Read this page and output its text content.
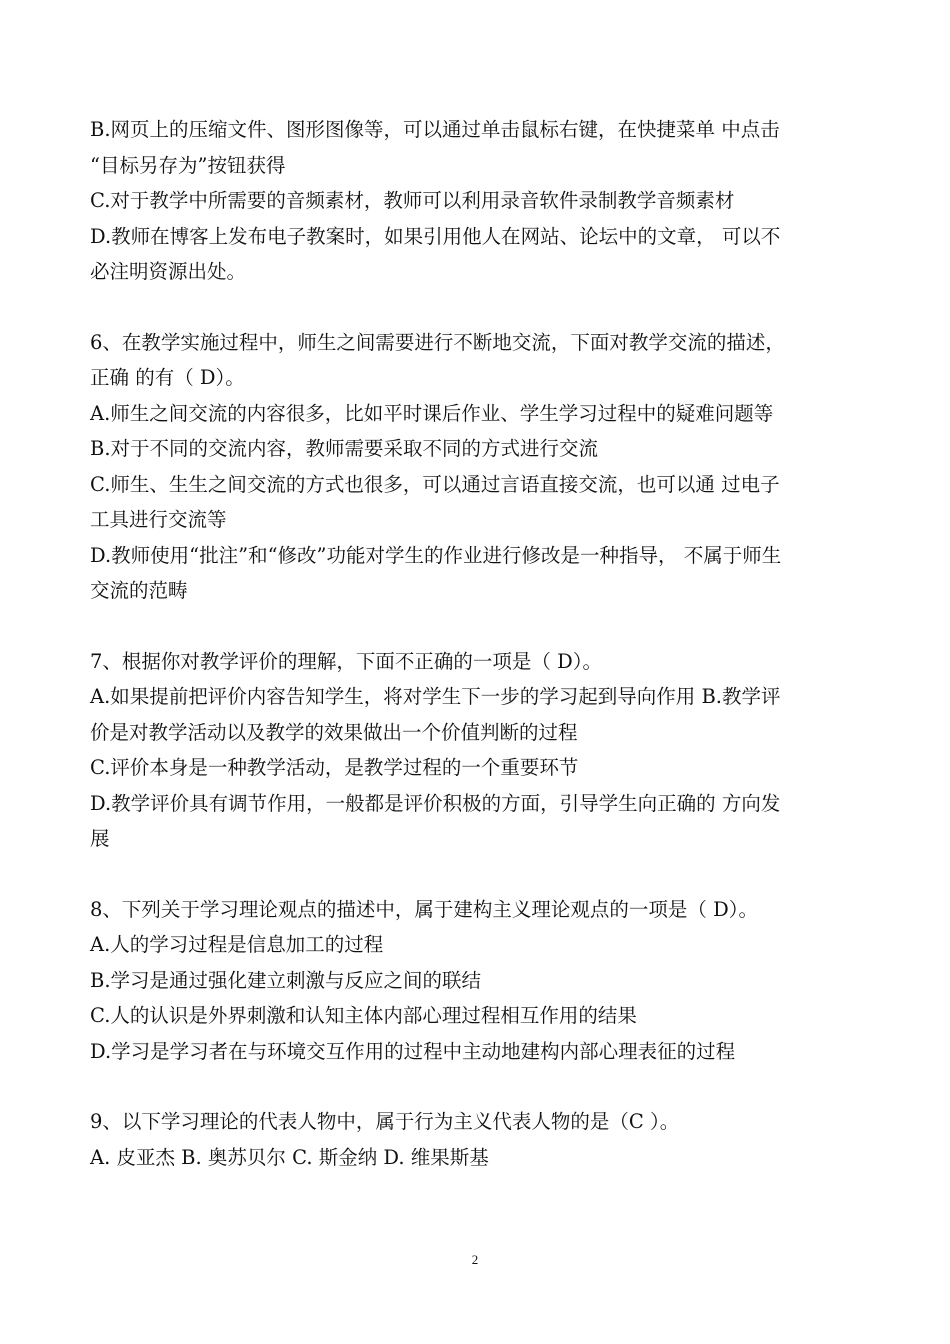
B.网页上的压缩文件、图形图像等，可以通过单击鼠标右键，在快捷菜单 中点击

“目标另存为”按钮获得

C.对于教学中所需要的音频素材，教师可以利用录音软件录制教学音频素材

D.教师在博客上发布电子教案时，如果引用他人在网站、论坛中的文章， 可以不

必注明资源出处。

6、在教学实施过程中，师生之间需要进行不断地交流，下面对教学交流的描述，

正确 的有（ D）。

A.师生之间交流的内容很多，比如平时课后作业、学生学习过程中的疑难问题等

B.对于不同的交流内容，教师需要采取不同的方式进行交流

C.师生、生生之间交流的方式也很多，可以通过言语直接交流，也可以通 过电子

工具进行交流等

D.教师使用“批注”和“修改”功能对学生的作业进行修改是一种指导， 不属于师生

交流的范畴

7、根据你对教学评价的理解，下面不正确的一项是（ D）。

A.如果提前把评价内容告知学生，将对学生下一步的学习起到导向作用 B.教学评

价是对教学活动以及教学的效果做出一个价值判断的过程

C.评价本身是一种教学活动，是教学过程的一个重要环节

D.教学评价具有调节作用，一般都是评价积极的方面，引导学生向正确的 方向发

展

8、下列关于学习理论观点的描述中，属于建构主义理论观点的一项是（ D）。

A.人的学习过程是信息加工的过程

B.学习是通过强化建立刺激与反应之间的联结

C.人的认识是外界刺激和认知主体内部心理过程相互作用的结果

D.学习是学习者在与环境交互作用的过程中主动地建构内部心理表征的过程

9、以下学习理论的代表人物中，属于行为主义代表人物的是（C ）。

A. 皮亚杰 B. 奥苏贝尔 C. 斯金纳 D. 维果斯基

2
